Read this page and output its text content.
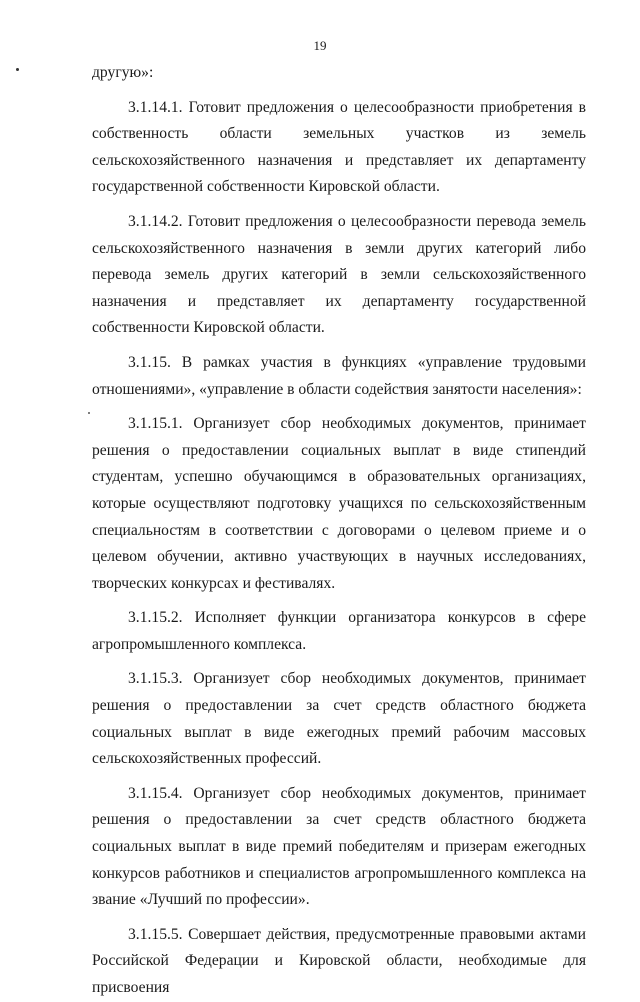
19

другую»:

3.1.14.1. Готовит предложения о целесообразности приобретения в собственность области земельных участков из земель сельскохозяйственного назначения и представляет их департаменту государственной собственности Кировской области.

3.1.14.2. Готовит предложения о целесообразности перевода земель сельскохозяйственного назначения в земли других категорий либо перевода земель других категорий в земли сельскохозяйственного назначения и представляет их департаменту государственной собственности Кировской области.

3.1.15. В рамках участия в функциях «управление трудовыми отношениями», «управление в области содействия занятости населения»:

3.1.15.1. Организует сбор необходимых документов, принимает решения о предоставлении социальных выплат в виде стипендий студентам, успешно обучающимся в образовательных организациях, которые осуществляют подготовку учащихся по сельскохозяйственным специальностям в соответствии с договорами о целевом приеме и о целевом обучении, активно участвующих в научных исследованиях, творческих конкурсах и фестивалях.

3.1.15.2. Исполняет функции организатора конкурсов в сфере агропромышленного комплекса.

3.1.15.3. Организует сбор необходимых документов, принимает решения о предоставлении за счет средств областного бюджета социальных выплат в виде ежегодных премий рабочим массовых сельскохозяйственных профессий.

3.1.15.4. Организует сбор необходимых документов, принимает решения о предоставлении за счет средств областного бюджета социальных выплат в виде премий победителям и призерам ежегодных конкурсов работников и специалистов агропромышленного комплекса на звание «Лучший по профессии».

3.1.15.5. Совершает действия, предусмотренные правовыми актами Российской Федерации и Кировской области, необходимые для присвоения
